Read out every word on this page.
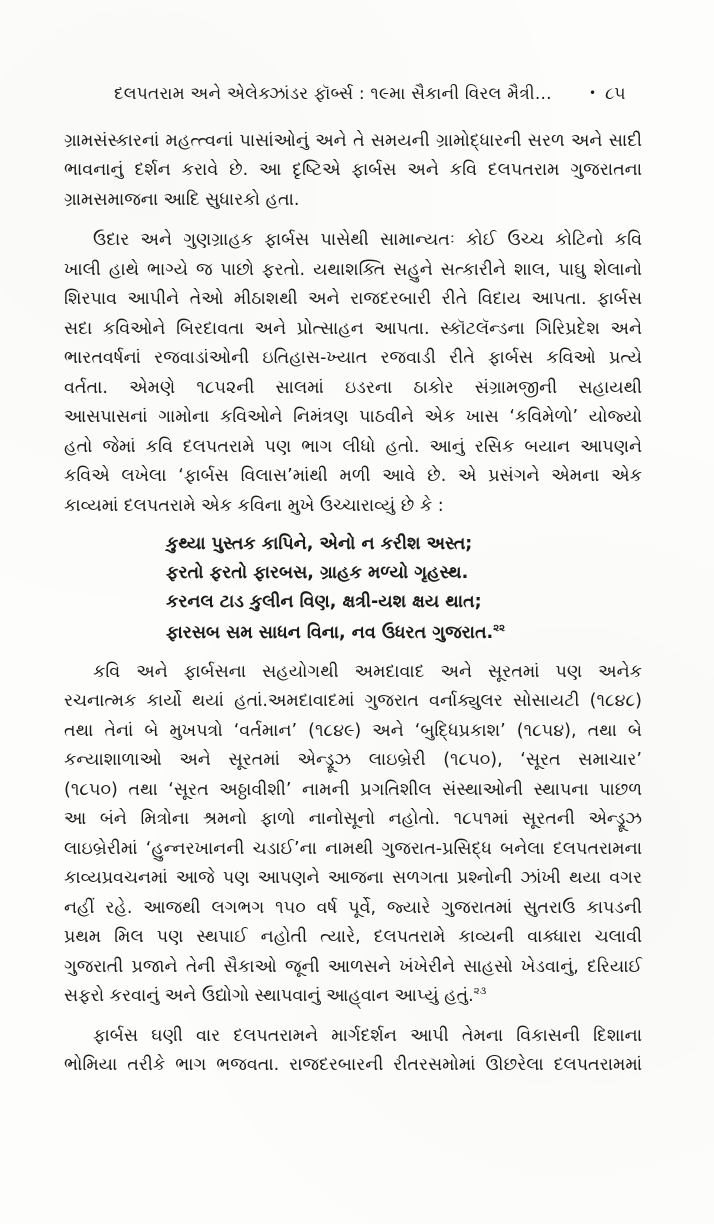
દલપતરામ અને એલેક્ઝાંડર ફૉર્બ્સ : ૧૯મા સૈકાની વિરલ મૈત્રી...	• ૮૫
ગ્રામસંસ્કારનાં મહત્ત્વનાં પાસાંઓનું અને તે સમયની ગ્રામોદ્ધારની સરળ અને સાદી
ભાવનાનું દર્શન કરાવે છે. આ દૃષ્ટિએ ફાર્બસ અને કવિ દલપતરામ ગુજરાતના
ગ્રામસમાજના આદિ સુધારકો હતા.
ઉદાર અને ગુણગ્રાહક ફાર્બસ પાસેથી સામાન્યતઃ કોઈ ઉચ્ચ કોટિનો કવિ
ખાલી હાથે ભાગ્યે જ પાછો ફરતો. યથાશક્તિ સહુને સત્કારીને શાલ, પાઘુ શેલાનો
શિરપાવ આપીને તેઓ મીઠાશથી અને રાજદરબારી રીતે વિદાય આપતા. ફાર્બસ
સદા કવિઓને બિરદાવતા અને પ્રોત્સાહન આપતા. સ્કૉટલૅન્ડના ગિરિપ્રદેશ અને
ભારતવર્ષનાં રજવાડાંઓની ઇતિહાસ-ખ્યાત રજવાડી રીતે ફાર્બસ કવિઓ પ્રત્યે
વર્તતા. એમણે ૧૮૫૨ની સાલમાં ઇડરના ઠાકોર સંગ્રામજીની સહાયથી
આસપાસનાં ગામોના કવિઓને નિમંત્રણ પાઠવીને એક ખાસ ‘કવિમેળો’ યોજ્યો
હતો જેમાં કવિ દલપતરામે પણ ભાગ લીધો હતો. આનું રસિક બયાન આપણને
કવિએ લખેલા ‘ફાર્બસ વિલાસ’માંથી મળી આવે છે. એ પ્રસંગને એમના એક
કાવ્યમાં દલપતરામે એક કવિના મુખે ઉચ્ચારાવ્યું છે કે :
કુથ્યા પુસ્તક કાપિને, એનો ન કરીશ અસ્ત;
ફરતો ફરતો ફારબસ, ગ્રાહક મળ્યો ગૃહસ્થ.
કરનલ ટાડ કુલીન વિણ, ક્ષત્રી-યશ ક્ષય થાત;
ફારસબ સમ સાધન વિના, નવ ઉધરત ગુજરાત.$^{૨૨}$
કવિ અને ફાર્બસના સહયોગથી અમદાવાદ અને સૂરતમાં પણ અનેક
રચનાત્મક કાર્યો થયાં હતાં.અમદાવાદમાં ગુજરાત વર્નાક્યુલર સોસાયટી (૧૮૪૮)
તથા તેનાં બે મુખપત્રો ‘વર્તમાન’ (૧૮૪૯) અને ‘બુદ્ધિપ્રકાશ’ (૧૮૫૪), તથા બે
કન્યાશાળાઓ અને સૂરતમાં એન્ડ્રૂઝ લાઇબ્રેરી (૧૮૫૦), ‘સૂરત સમાચાર’
(૧૮૫૦) તથા ‘સૂરત અઠ્ઠાવીશી’ નામની પ્રગતિશીલ સંસ્થાઓની સ્થાપના પાછળ
આ બંને મિત્રોના શ્રમનો ફાળો નાનોસૂનો નહોતો. ૧૮૫૧માં સૂરતની એન્ડ્રૂઝ
લાઇબ્રેરીમાં ‘હુન્નરખાનની ચડાઈ’ના નામથી ગુજરાત-પ્રસિદ્ધ બનેલા દલપતરામના
કાવ્યપ્રવચનમાં આજે પણ આપણને આજના સળગતા પ્રશ્નોની ઝાંખી થયા વગર
નહીં રહે. આજથી લગભગ ૧૫૦ વર્ષ પૂર્વે, જ્યારે ગુજરાતમાં સુતરાઉ કાપડની
પ્રથમ મિલ પણ સ્થપાઈ નહોતી ત્યારે, દલપતરામે કાવ્યની વાક્ધારા ચલાવી
ગુજરાતી પ્રજાને તેની સૈકાઓ જૂની આળસને ખંખેરીને સાહસો ખેડવાનું, દરિયાઈ
સફરો કરવાનું અને ઉદ્યોગો સ્થાપવાનું આહ્‌વાન આપ્યું હતું.$^{૨૩}$
ફાર્બસ ઘણી વાર દલપતરામને માર્ગદર્શન આપી તેમના વિકાસની દિશાના
ભોમિયા તરીકે ભાગ ભજવતા. રાજદરબારની રીતરસમોમાં ઊછરેલા દલપતરામમાં
